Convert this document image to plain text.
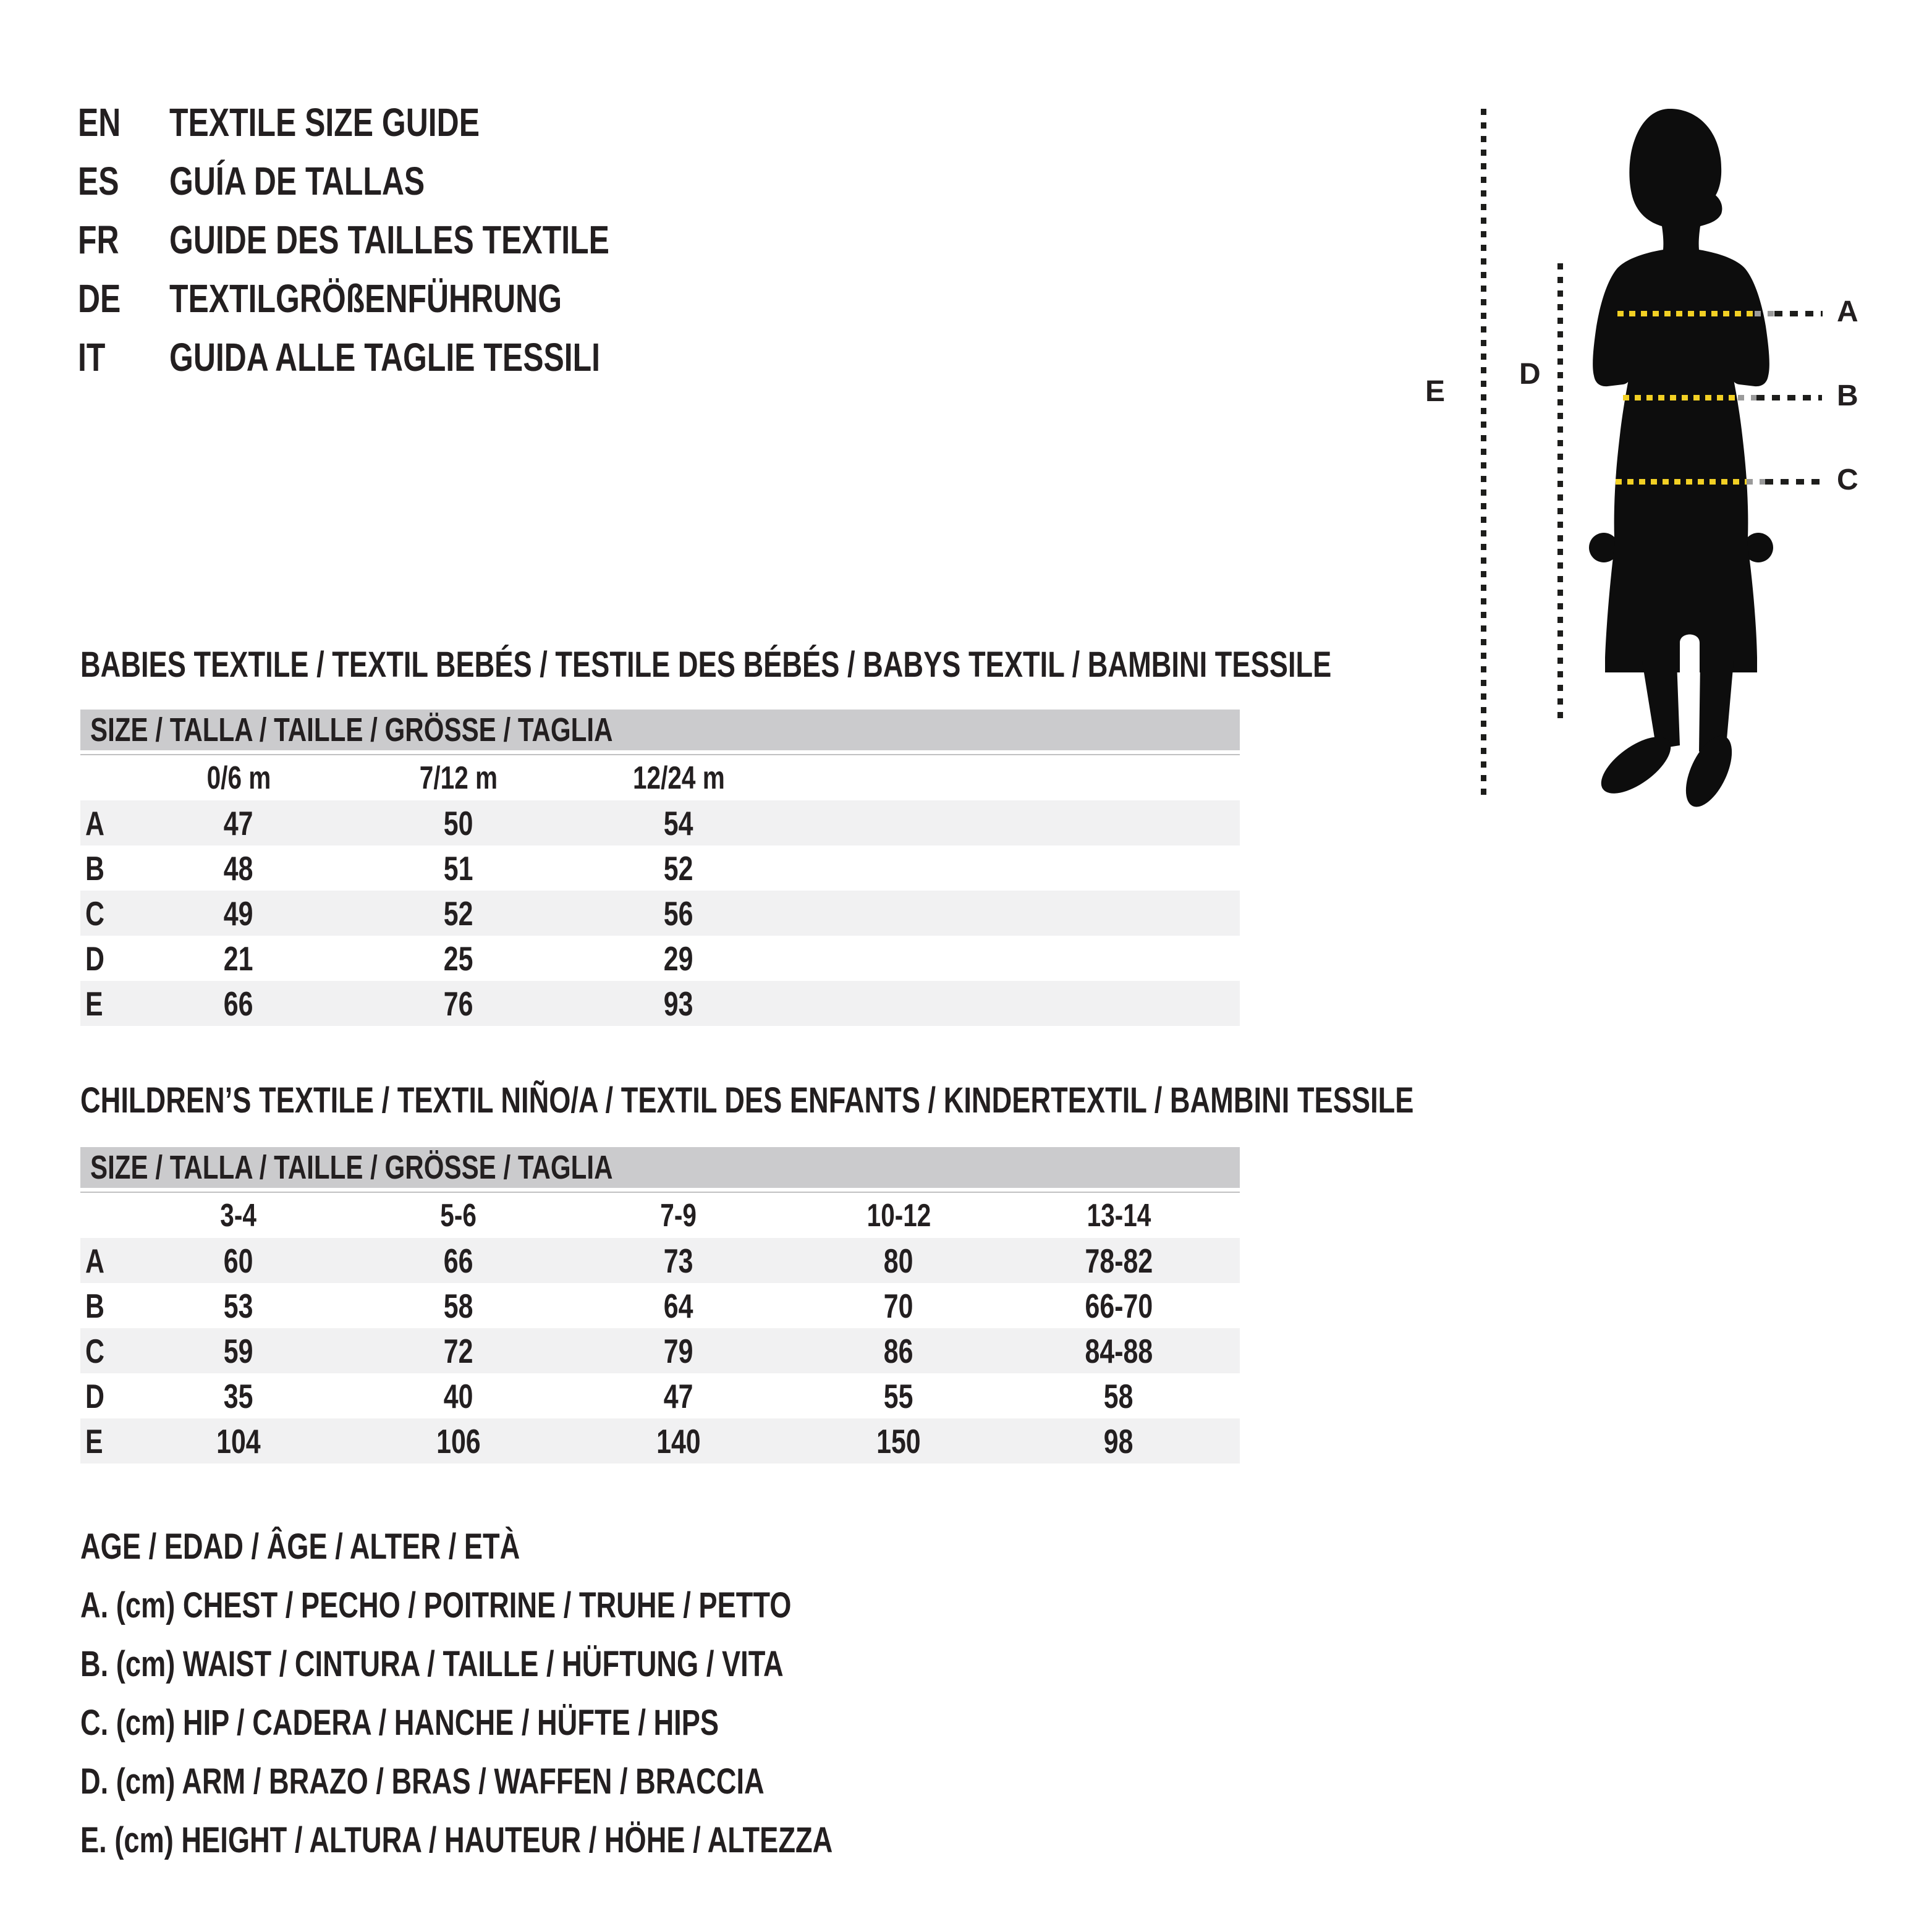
EN	TEXTILE SIZE GUIDE
ES GUÍA DE TALLAS
FR GUIDE DES TAILLES TEXTILE
DE	TEXTILGRÖßENFÜHRUNG
IT GUIDA ALLE TAGLIE TESSILI
E
D
A
B
C
BABIES TEXTILE / TEXTIL BEBÉS / TESTILE DES BÉBÉS / BABYS TEXTIL / BAMBINI TESSILE
SIZE / TALLA / TAILLE / GRÖSSE / TAGLIA
0/6 m	7/12 m	12/24 m
A	47	50	54
B	48	51	52
C	49	52	56
D	21	25	29
E	66	76	93
CHILDREN’S TEXTILE / TEXTIL NIÑO/A / TEXTIL DES ENFANTS / KINDERTEXTIL / BAMBINI TESSILE
SIZE / TALLA / TAILLE / GRÖSSE / TAGLIA
3-4	5-6	7-9	10-12	13-14
A	60	66	73	80	78-82
B	53	58	64	70	66-70
C	59	72	79	86	84-88
D	35	40	47	55	58
E	104	106	140	150	98
AGE / EDAD / ÂGE / ALTER / ETÀ
A. (cm) CHEST / PECHO / POITRINE / TRUHE / PETTO
B. (cm) WAIST / CINTURA / TAILLE / HÜFTUNG / VITA
C. (cm) HIP / CADERA / HANCHE / HÜFTE / HIPS
D. (cm) ARM / BRAZO / BRAS / WAFFEN / BRACCIA
E. (cm) HEIGHT / ALTURA / HAUTEUR / HÖHE / ALTEZZA
